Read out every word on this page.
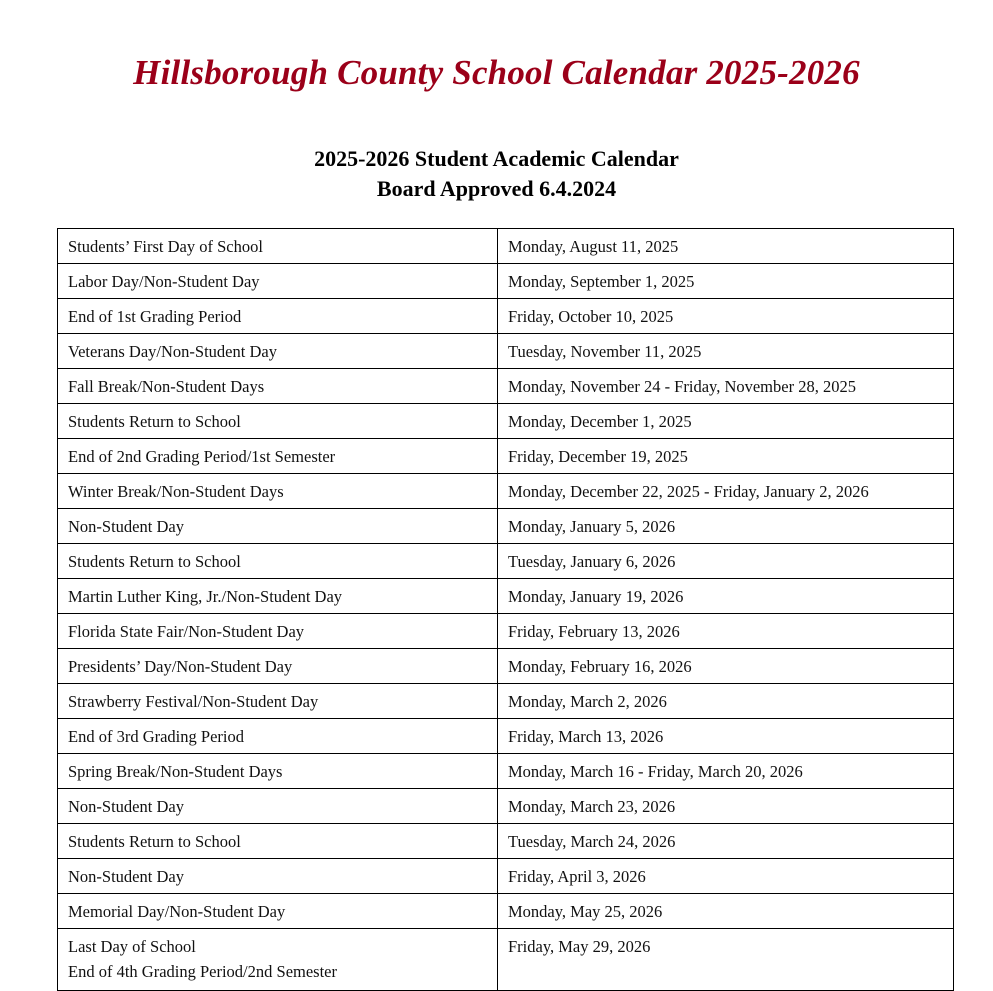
Hillsborough County School Calendar 2025-2026
2025-2026 Student Academic Calendar
Board Approved 6.4.2024
Students’ First Day of School	Monday, August 11, 2025
Labor Day/Non-Student Day	Monday, September 1, 2025
End of 1st Grading Period	Friday, October 10, 2025
Veterans Day/Non-Student Day	Tuesday, November 11, 2025
Fall Break/Non-Student Days	Monday, November 24 - Friday, November 28, 2025
Students Return to School	Monday, December 1, 2025
End of 2nd Grading Period/1st Semester	Friday, December 19, 2025
Winter Break/Non-Student Days	Monday, December 22, 2025 - Friday, January 2, 2026
Non-Student Day	Monday, January 5, 2026
Students Return to School	Tuesday, January 6, 2026
Martin Luther King, Jr./Non-Student Day	Monday, January 19, 2026
Florida State Fair/Non-Student Day	Friday, February 13, 2026
Presidents’ Day/Non-Student Day	Monday, February 16, 2026
Strawberry Festival/Non-Student Day	Monday, March 2, 2026
End of 3rd Grading Period	Friday, March 13, 2026
Spring Break/Non-Student Days	Monday, March 16 - Friday, March 20, 2026
Non-Student Day	Monday, March 23, 2026
Students Return to School	Tuesday, March 24, 2026
Non-Student Day	Friday, April 3, 2026
Memorial Day/Non-Student Day	Monday, May 25, 2026

Last Day of School
End of 4th Grading Period/2nd Semester	Friday, May 29, 2026
